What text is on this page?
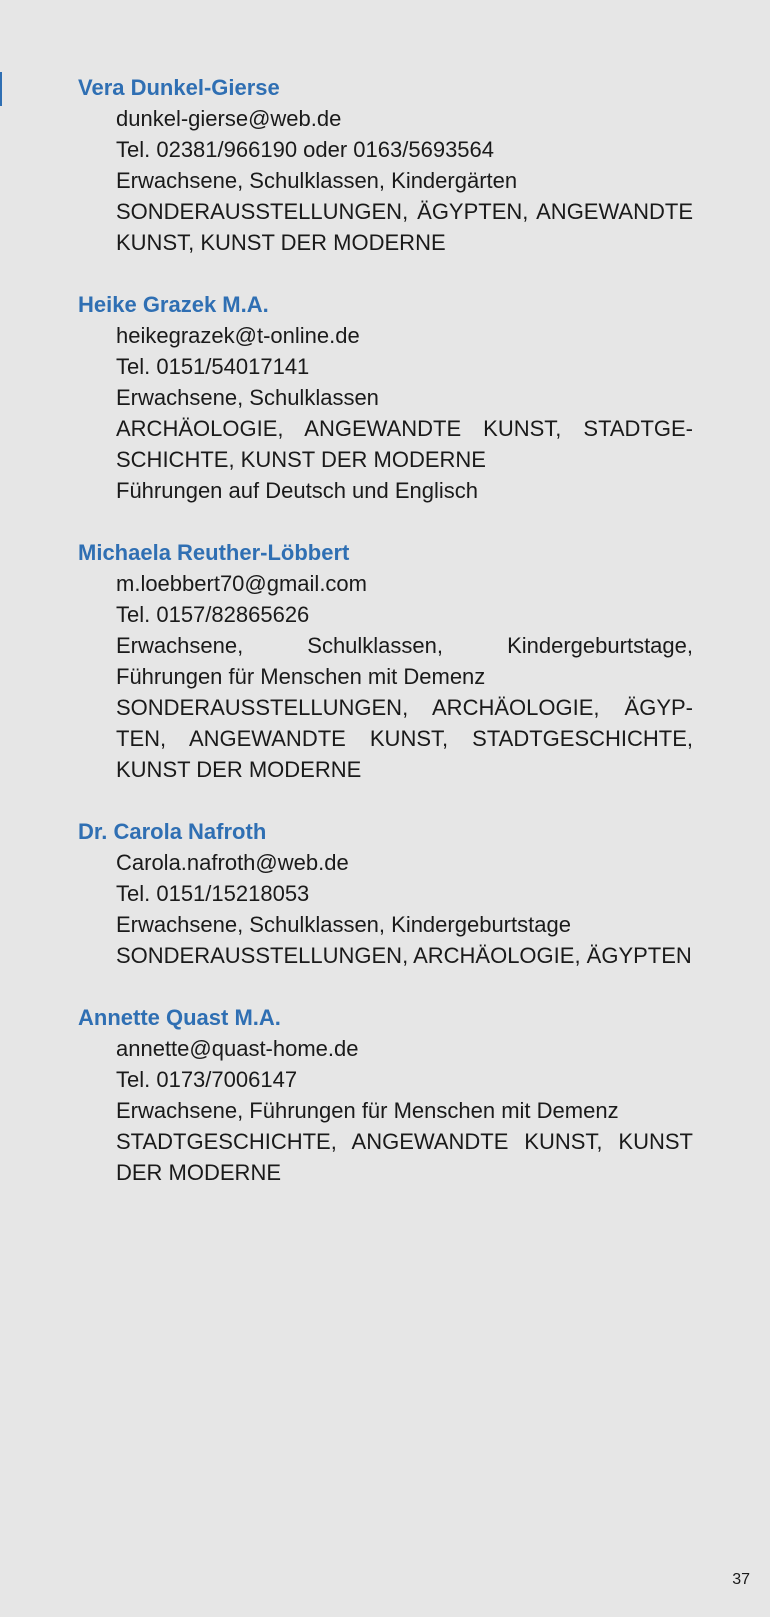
Vera Dunkel-Gierse
dunkel-gierse@web.de
Tel. 02381/966190 oder 0163/5693564
Erwachsene, Schulklassen, Kindergärten
SONDERAUSSTELLUNGEN, ÄGYPTEN, ANGEWANDTE
KUNST, KUNST DER MODERNE
Heike Grazek M.A.
heikegrazek@t-online.de
Tel. 0151/54017141
Erwachsene, Schulklassen
ARCHÄOLOGIE, ANGEWANDTE KUNST, STADTGE-
SCHICHTE, KUNST DER MODERNE
Führungen auf Deutsch und Englisch
Michaela Reuther-Löbbert
m.loebbert70@gmail.com
Tel. 0157/82865626
Erwachsene, Schulklassen, Kindergeburtstage,
Führungen für Menschen mit Demenz
SONDERAUSSTELLUNGEN, ARCHÄOLOGIE, ÄGYP-
TEN, ANGEWANDTE KUNST, STADTGESCHICHTE,
KUNST DER MODERNE
Dr. Carola Nafroth
Carola.nafroth@web.de
Tel. 0151/15218053
Erwachsene, Schulklassen, Kindergeburtstage
SONDERAUSSTELLUNGEN, ARCHÄOLOGIE, ÄGYPTEN
Annette Quast M.A.
annette@quast-home.de
Tel. 0173/7006147
Erwachsene, Führungen für Menschen mit Demenz
STADTGESCHICHTE, ANGEWANDTE KUNST, KUNST
DER MODERNE
37
